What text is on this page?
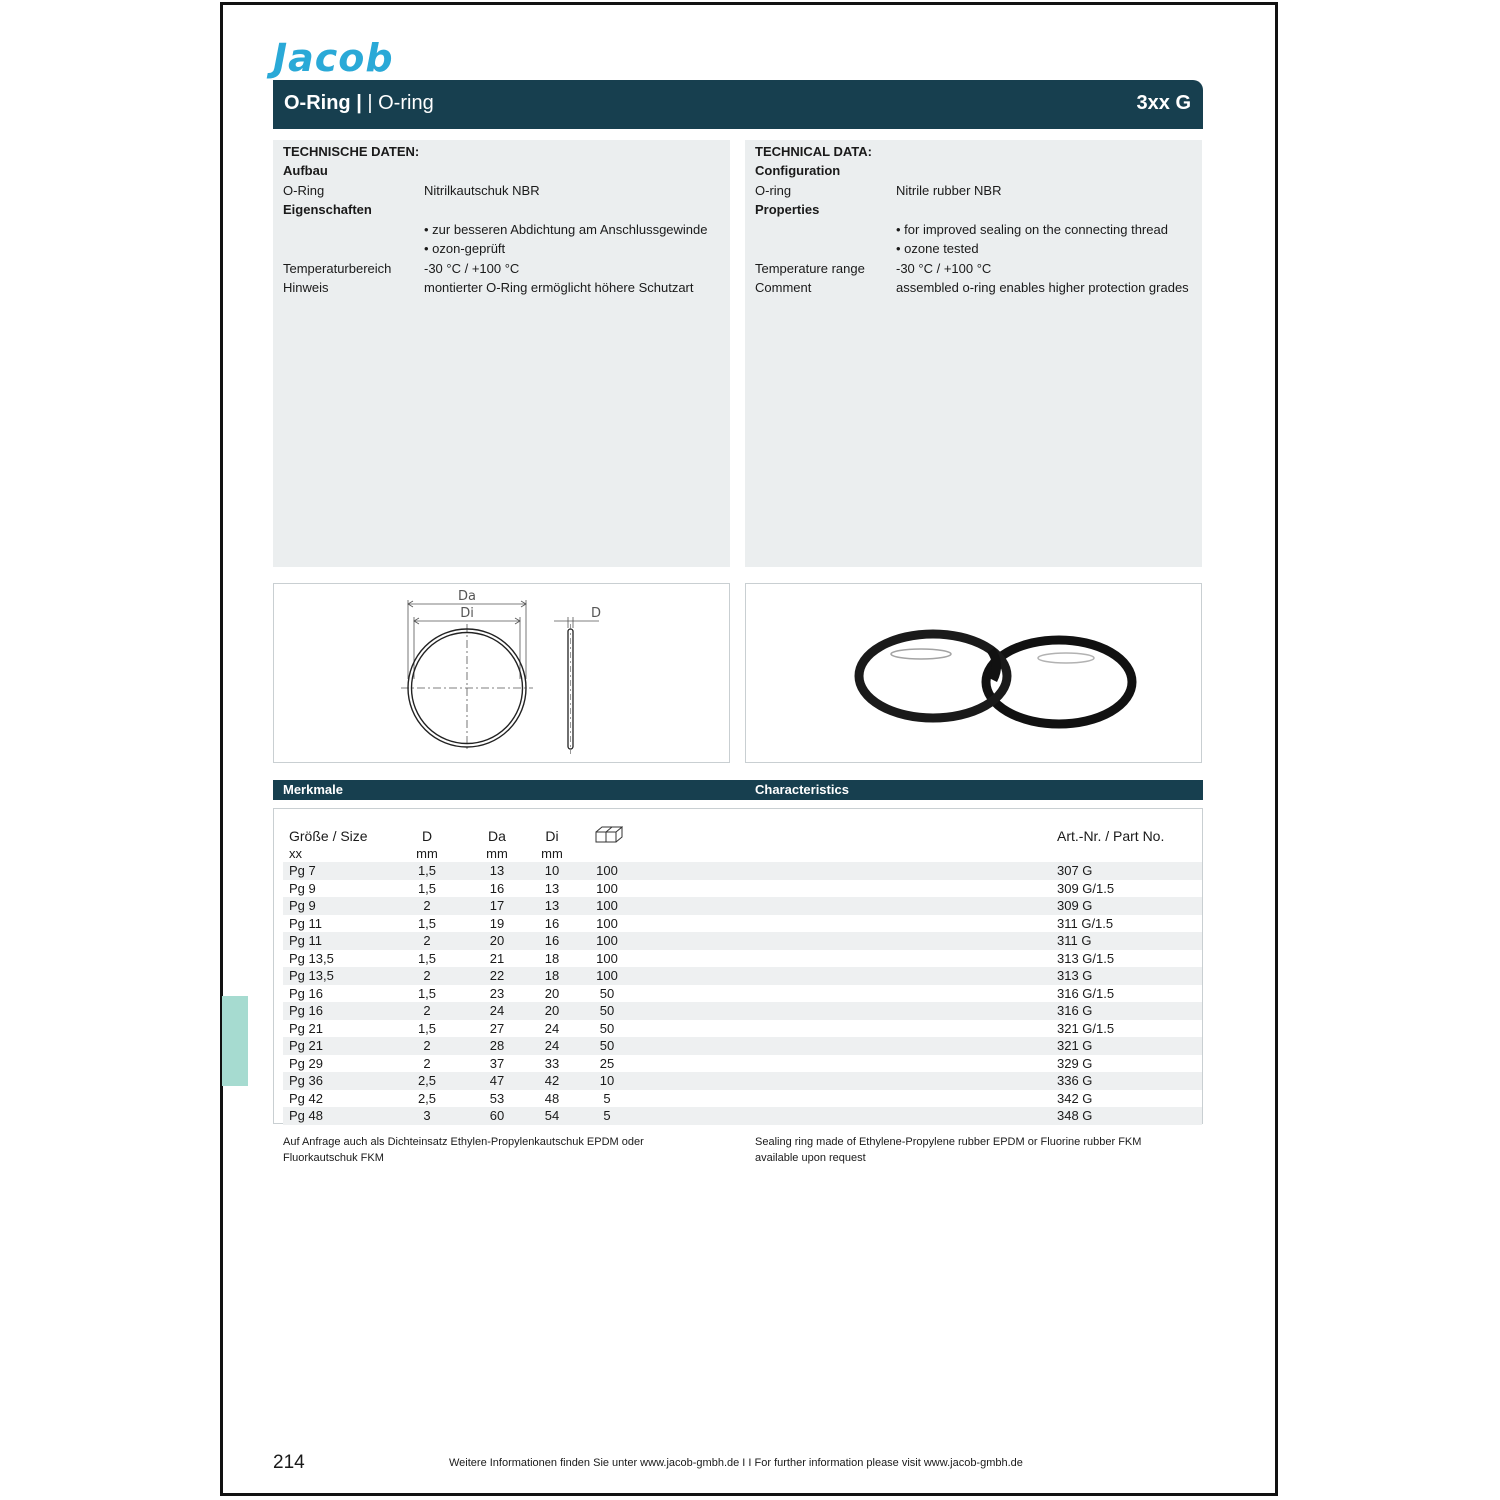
Jacob
O-Ring | | O-ring	3xx G
TECHNISCHE DATEN:
Aufbau
O-Ring	Nitrilkautschuk NBR
Eigenschaften
• zur besseren Abdichtung am Anschlussgewinde
• ozon-geprüft
Temperaturbereich	-30 °C / +100 °C
Hinweis	montierter O-Ring ermöglicht höhere Schutzart
TECHNICAL DATA:
Configuration
O-ring	Nitrile rubber NBR
Properties
• for improved sealing on the connecting thread
• ozone tested
Temperature range -30 °C / +100 °C
Comment	assembled o-ring enables higher protection grades
Da
Di	D
Merkmale	Characteristics
Größe / Size	D	Da	Di	Art.-Nr. / Part No.
xx	mm	mm	mm
Pg 7	1,5	13	10	100	307 G
Pg 9	1,5	16	13	100	309 G/1.5
Pg 9	2	17	13	100	309 G
Pg 11	1,5	19	16	100	311 G/1.5
Pg 11	2	20	16	100	311 G
Pg 13,5	1,5	21	18	100	313 G/1.5
Pg 13,5	2	22	18	100	313 G
Pg 16	1,5	23	20	50	316 G/1.5
Pg 16	2	24	20	50	316 G
Pg 21	1,5	27	24	50	321 G/1.5
Pg 21	2	28	24	50	321 G
Pg 29	2	37	33	25	329 G
Pg 36	2,5	47	42	10	336 G
Pg 42	2,5	53	48	5	342 G
Pg 48	3	60	54	5	348 G
Auf Anfrage auch als Dichteinsatz Ethylen-Propylenkautschuk EPDM oder
Fluorkautschuk FKM
Sealing ring made of Ethylene-Propylene rubber EPDM or Fluorine rubber FKM
available upon request
214	Weitere Informationen finden Sie unter www.jacob-gmbh.de I I For further information please visit www.jacob-gmbh.de
